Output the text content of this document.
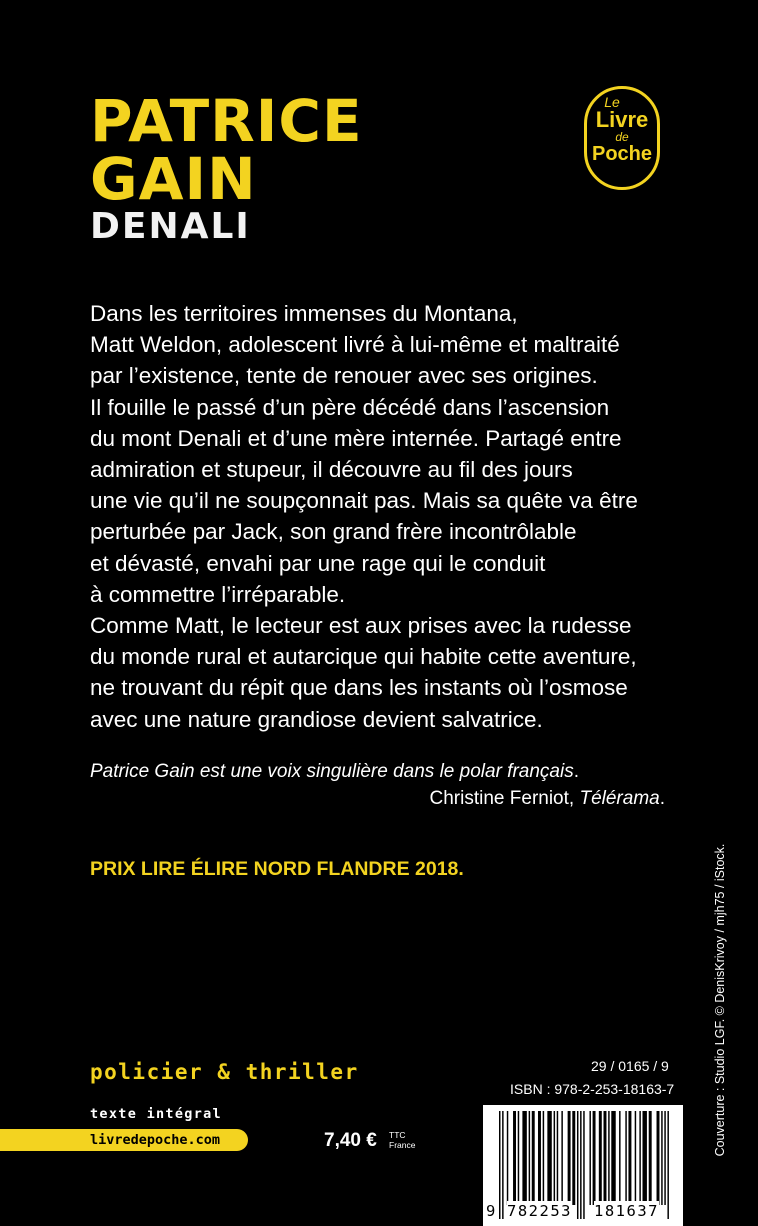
PATRICE
GAIN
DENALI
Le
Livre
de
Poche

Dans les territoires immenses du Montana,

Matt Weldon, adolescent livré à lui-même et maltraité

par l’existence, tente de renouer avec ses origines.

Il fouille le passé d’un père décédé dans l’ascension

du mont Denali et d’une mère internée. Partagé entre

admiration et stupeur, il découvre au fil des jours

une vie qu’il ne soupçonnait pas. Mais sa quête va être

perturbée par Jack, son grand frère incontrôlable

et dévasté, envahi par une rage qui le conduit

à commettre l’irréparable.

Comme Matt, le lecteur est aux prises avec la rudesse

du monde rural et autarcique qui habite cette aventure,

ne trouvant du répit que dans les instants où l’osmose

avec une nature grandiose devient salvatrice.

Patrice Gain est une voix singulière dans le polar français.
Christine Ferniot, Télérama.
PRIX LIRE ÉLIRE NORD FLANDRE 2018.	Couverture : Studio LGF. © DenisKrivoy / mjh75 / iStock.
policier & thriller
texte intégral
livredepoche.com	7,40 € TTC
France
29 / 0165 / 9
ISBN : 978-2-253-18163-7
9 782253 181637
